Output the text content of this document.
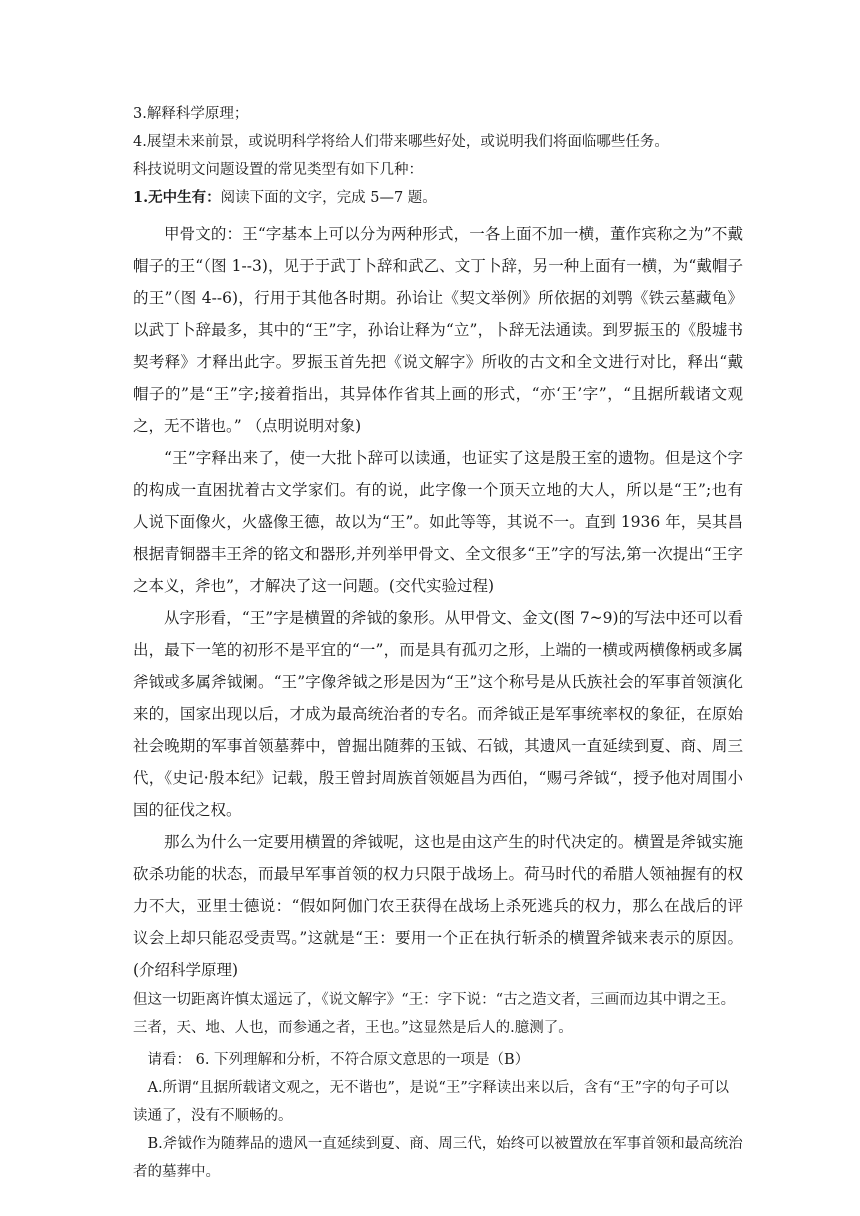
3.解释科学原理；

4.展望未来前景，或说明科学将给人们带来哪些好处，或说明我们将面临哪些任务。

科技说明文问题设置的常见类型有如下几种：

1.无中生有：阅读下面的文字，完成 5—7 题。

甲骨文的：王“字基本上可以分为两种形式，一各上面不加一横，董作宾称之为”不戴帽子的王“（图 1--3)，见于于武丁卜辞和武乙、文丁卜辞，另一种上面有一横，为“戴帽子的王”（图 4--6)，行用于其他各时期。孙诒让《契文举例》所依据的刘鹗《铁云墓藏龟》以武丁卜辞最多，其中的“王”字，孙诒让释为“立”，卜辞无法通读。到罗振玉的《殷墟书契考释》才释出此字。罗振玉首先把《说文解字》所收的古文和全文进行对比，释出“戴帽子的”是“王”字;接着指出，其异体作省其上画的形式，“亦‘王’字”，“且据所载诸文观之，无不谐也。” （点明说明对象)

“王”字释出来了，使一大批卜辞可以读通，也证实了这是殷王室的遗物。但是这个字的构成一直困扰着古文学家们。有的说，此字像一个顶天立地的大人，所以是“王”;也有人说下面像火，火盛像王德，故以为“王”。如此等等，其说不一。直到 1936 年，吴其昌根据青铜器丰王斧的铭文和器形,并列举甲骨文、全文很多“王”字的写法,第一次提出“王字之本义，斧也”，才解决了这一问题。(交代实验过程)

从字形看，“王”字是横置的斧钺的象形。从甲骨文、金文(图 7~9)的写法中还可以看出，最下一笔的初形不是平宜的“一”，而是具有孤刃之形，上端的一横或两横像柄或多属斧钺或多属斧钺阑。“王”字像斧钺之形是因为“王”这个称号是从氏族社会的军事首领演化来的，国家出现以后，才成为最高统治者的专名。而斧钺正是军事统率权的象征，在原始社会晚期的军事首领墓葬中，曾掘出随葬的玉钺、石钺，其遗风一直延续到夏、商、周三代，《史记·殷本纪》记载，殷王曾封周族首领姬昌为西伯，“赐弓斧钺“，授予他对周围小国的征伐之权。

那么为什么一定要用横置的斧钺呢，这也是由这产生的时代决定的。横置是斧钺实施砍杀功能的状态，而最早军事首领的权力只限于战场上。荷马时代的希腊人领袖握有的权力不大，亚里士德说：“假如阿伽门农王获得在战场上杀死逃兵的权力，那么在战后的评议会上却只能忍受责骂。”这就是“王：要用一个正在执行斩杀的横置斧钺来表示的原因。(介绍科学原理)

但这一切距离许慎太遥远了，《说文解字》“王：字下说：“古之造文者，三画而边其中谓之王。三者，天、地、人也，而参通之者，王也。”这显然是后人的.臆测了。

请看： 6. 下列理解和分析，不符合原文意思的一项是（B）

A.所谓“且据所载诸文观之，无不谐也”，是说“王”字释读出来以后，含有“王”字的句子可以读通了，没有不顺畅的。

B.斧钺作为随葬品的遗风一直延续到夏、商、周三代，始终可以被置放在军事首领和最高统治者的墓葬中。
